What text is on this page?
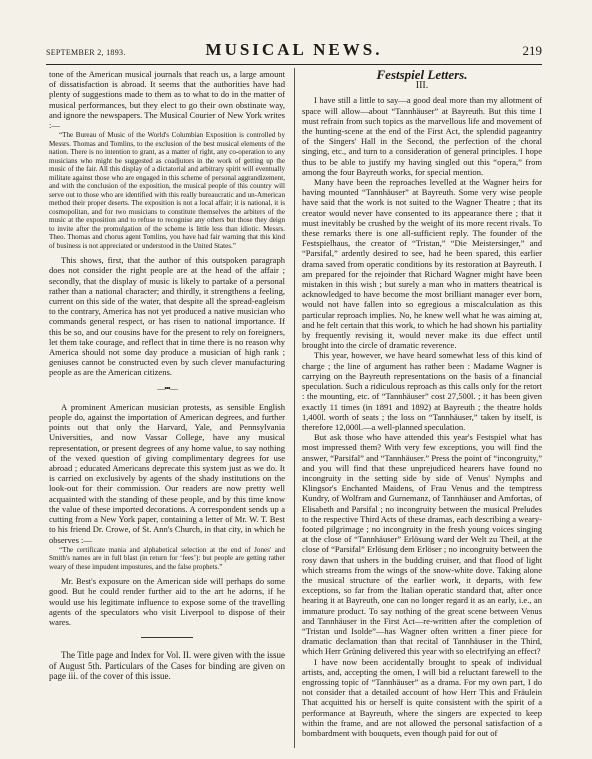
SEPTEMBER 2, 1893.	MUSICAL NEWS.	219

tone of the American musical journals that reach us, a large amount of dissatisfaction is abroad. It seems that the authorities have had plenty of suggestions made to them as to what to do in the matter of musical performances, but they elect to go their own obstinate way, and ignore the newspapers. The Musical Courier of New York writes :—

“The Bureau of Music of the World's Columbian Exposition is controlled by Messrs. Thomas and Tomlins, to the exclusion of the best musical elements of the nation. There is no intention to grant, as a matter of right, any co-operation to any musicians who might be suggested as coadjutors in the work of getting up the music of the fair. All this display of a dictatorial and arbitrary spirit will eventually militate against those who are engaged in this scheme of personal aggrandizement, and with the conclusion of the exposition, the musical people of this country will serve out to those who are identified with this really bureaucratic and un-American method their proper deserts. The exposition is not a local affair; it is national, it is cosmopolitan, and for two musicians to constitute themselves the arbiters of the music at the exposition and to refuse to recognise any others but those they deign to invite after the promulgation of the scheme is little less than idiotic. Messrs. Theo. Thomas and chorus agent Tomlins, you have had fair warning that this kind of business is not appreciated or understood in the United States.”

This shows, first, that the author of this outspoken paragraph does not consider the right people are at the head of the affair ; secondly, that the display of music is likely to partake of a personal rather than a national character; and thirdly, it strengthens a feeling, current on this side of the water, that despite all the spread-eagleism to the contrary, America has not yet produced a native musician who commands general respect, or has risen to national importance. If this be so, and our cousins have for the present to rely on foreigners, let them take courage, and reflect that in time there is no reason why America should not some day produce a musician of high rank ; geniuses cannot be constructed even by such clever manufacturing people as are the American citizens.

—•••—

A prominent American musician protests, as sensible English people do, against the importation of American degrees, and further points out that only the Harvard, Yale, and Pennsylvania Universities, and now Vassar College, have any musical representation, or present degrees of any home value, to say nothing of the vexed question of giving complimentary degrees for use abroad ; educated Americans deprecate this system just as we do. It is carried on exclusively by agents of the shady institutions on the look-out for their commission. Our readers are now pretty well acquainted with the standing of these people, and by this time know the value of these imported decorations. A correspondent sends up a cutting from a New York paper, containing a letter of Mr. W. T. Best to his friend Dr. Crowe, of St. Ann's Church, in that city, in which he observes :—

“The certificate mania and alphabetical selection at the end of Jones' and Smith's names are in full blast (in return for ‘fees’): but people are getting rather weary of these impudent impostures, and the false prophets.”

Mr. Best's exposure on the American side will perhaps do some good. But he could render further aid to the art he adorns, if he would use his legitimate influence to expose some of the travelling agents of the speculators who visit Liverpool to dispose of their wares.

The Title page and Index for Vol. II. were given with the issue of August 5th. Particulars of the Cases for binding are given on page iii. of the cover of this issue.

Festspiel Letters.
III.

I have still a little to say—a good deal more than my allotment of space will allow—about “Tannhäuser” at Bayreuth. But this time I must refrain from such topics as the marvellous life and movement of the hunting-scene at the end of the First Act, the splendid pageantry of the Singers' Hall in the Second, the perfection of the choral singing, etc., and turn to a consideration of general principles. I hope thus to be able to justify my having singled out this “opera,” from among the four Bayreuth works, for special mention.

Many have been the reproaches levelled at the Wagner heirs for having mounted “Tannhäuser” at Bayreuth. Some very wise people have said that the work is not suited to the Wagner Theatre ; that its creator would never have consented to its appearance there ; that it must inevitably be crushed by the weight of its more recent rivals. To these remarks there is one all-sufficient reply. The founder of the Festspielhaus, the creator of “Tristan,” “Die Meistersinger,” and “Parsifal,” ardently desired to see, had he been spared, this earlier drama saved from operatic conditions by its restoration at Bayreuth. I am prepared for the rejoinder that Richard Wagner might have been mistaken in this wish ; but surely a man who in matters theatrical is acknowledged to have become the most brilliant manager ever born, would not have fallen into so egregious a miscalculation as this particular reproach implies. No, he knew well what he was aiming at, and he felt certain that this work, to which he had shown his partiality by frequently revising it, would never make its due effect until brought into the circle of dramatic reverence.

This year, however, we have heard somewhat less of this kind of charge ; the line of argument has rather been : Madame Wagner is carrying on the Bayreuth representations on the basis of a financial speculation. Such a ridiculous reproach as this calls only for the retort : the mounting, etc. of “Tannhäuser” cost 27,500l. ; it has been given exactly 11 times (in 1891 and 1892) at Bayreuth ; the theatre holds 1,400l. worth of seats ; the loss on “Tannhäuser,” taken by itself, is therefore 12,000l.—a well-planned speculation.

But ask those who have attended this year's Festspiel what has most impressed them? With very few exceptions, you will find the answer, “Parsifal” and “Tannhäuser.” Press the point of “incongruity,” and you will find that these unprejudiced hearers have found no incongruity in the setting side by side of Venus' Nymphs and Klingsor's Enchanted Maidens, of Frau Venus and the temptress Kundry, of Wolfram and Gurnemanz, of Tannhäuser and Amfortas, of Elisabeth and Parsifal ; no incongruity between the musical Preludes to the respective Third Acts of these dramas, each describing a weary-footed pilgrimage ; no incongruity in the fresh young voices singing at the close of “Tannhäuser” Erlösung ward der Welt zu Theil, at the close of “Parsifal” Erlösung dem Erlöser ; no incongruity between the rosy dawn that ushers in the budding cruiser, and that flood of light which streams from the wings of the snow-white dove. Taking alone the musical structure of the earlier work, it departs, with few exceptions, so far from the Italian operatic standard that, after once hearing it at Bayreuth, one can no longer regard it as an early, i.e., an immature product. To say nothing of the great scene between Venus and Tannhäuser in the First Act—re-written after the completion of “Tristan und Isolde”—has Wagner often written a finer piece for dramatic declamation than that recital of Tannhäuser in the Third, which Herr Grüning delivered this year with so electrifying an effect?

I have now been accidentally brought to speak of individual artists, and, accepting the omen, I will bid a reluctant farewell to the engrossing topic of “Tannhäuser” as a drama. For my own part, I do not consider that a detailed account of how Herr This and Fräulein That acquitted his or herself is quite consistent with the spirit of a performance at Bayreuth, where the singers are expected to keep within the frame, and are not allowed the personal satisfaction of a bombardment with bouquets, even though paid for out of
